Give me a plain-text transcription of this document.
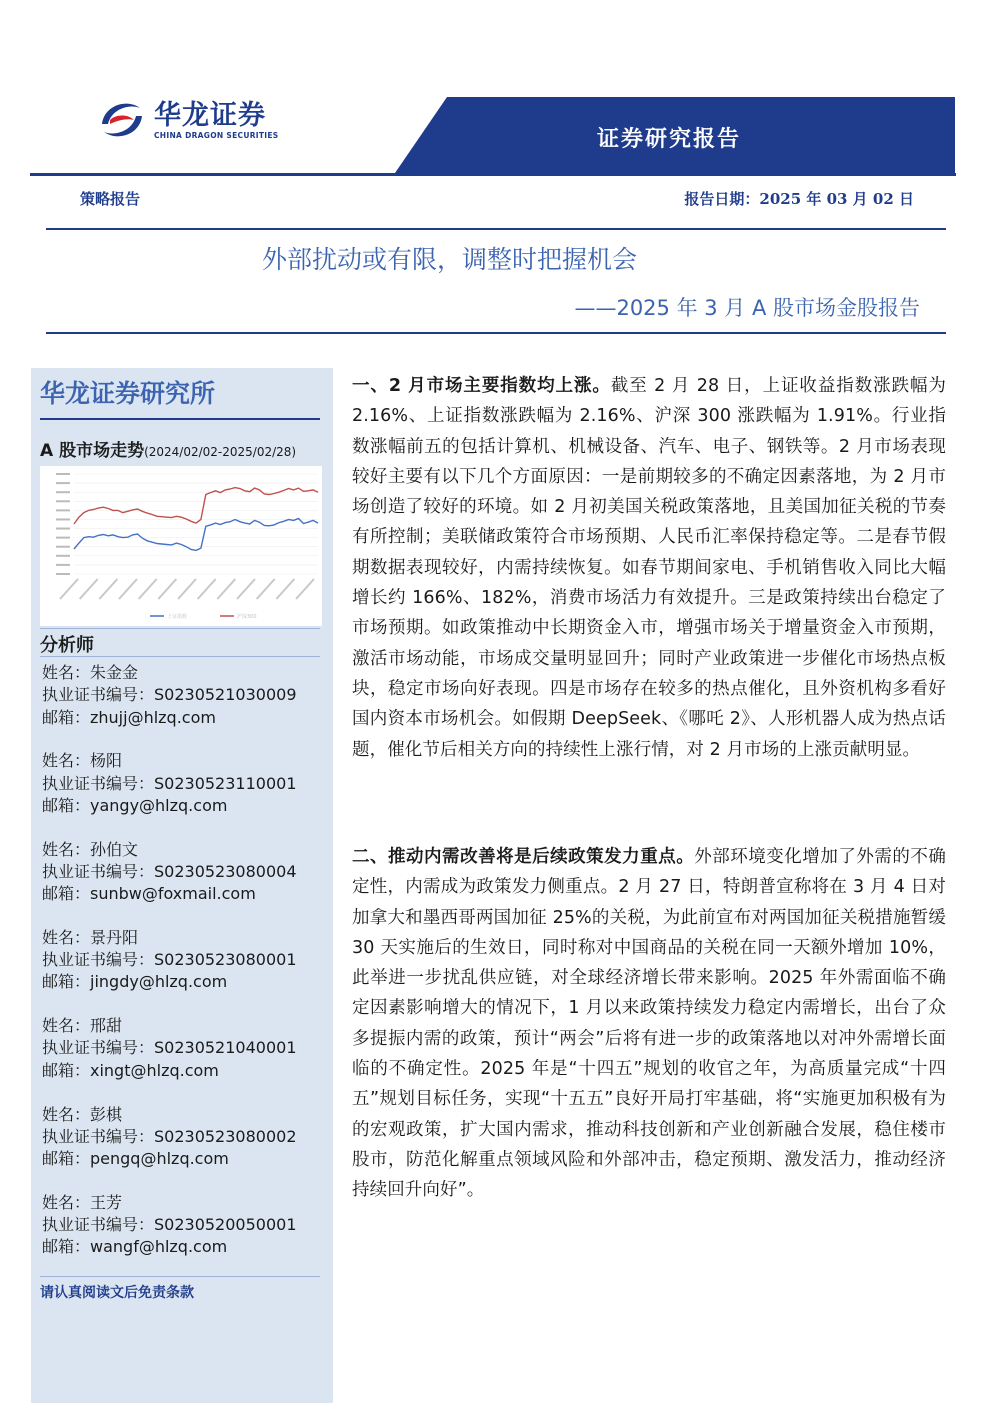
华龙证券
CHINA DRAGON SECURITIES	证券研究报告
策略报告	报告日期：2025 年 03 月 02 日
外部扰动或有限，调整时把握机会
——2025 年 3 月 A 股市场金股报告
华龙证券研究所
A 股市场走势(2024/02/02-2025/02/28)
上证指数	沪深300
分析师
姓名：朱金金
执业证书编号：S0230521030009
邮箱：zhujj@hlzq.com
姓名：杨阳
执业证书编号：S0230523110001
邮箱：yangy@hlzq.com
姓名：孙伯文
执业证书编号：S0230523080004
邮箱：sunbw@foxmail.com
姓名：景丹阳
执业证书编号：S0230523080001
邮箱：jingdy@hlzq.com
姓名：邢甜
执业证书编号：S0230521040001
邮箱：xingt@hlzq.com
姓名：彭棋
执业证书编号：S0230523080002
邮箱：pengq@hlzq.com
姓名：王芳
执业证书编号：S0230520050001
邮箱：wangf@hlzq.com
请认真阅读文后免责条款
一、2 月市场主要指数均上涨。截至 2 月 28 日，上证收益指数涨跌幅为 2.16%、上证指数涨跌幅为 2.16%、沪深 300 涨跌幅为 1.91%。行业指数涨幅前五的包括计算机、机械设备、汽车、电子、钢铁等。2 月市场表现较好主要有以下几个方面原因：一是前期较多的不确定因素落地，为 2 月市场创造了较好的环境。如 2 月初美国关税政策落地，且美国加征关税的节奏有所控制；美联储政策符合市场预期、人民币汇率保持稳定等。二是春节假期数据表现较好，内需持续恢复。如春节期间家电、手机销售收入同比大幅增长约 166%、182%，消费市场活力有效提升。三是政策持续出台稳定了市场预期。如政策推动中长期资金入市，增强市场关于增量资金入市预期，激活市场动能，市场成交量明显回升；同时产业政策进一步催化市场热点板块，稳定市场向好表现。四是市场存在较多的热点催化，且外资机构多看好国内资本市场机会。如假期 DeepSeek、《哪吒 2》、人形机器人成为热点话题，催化节后相关方向的持续性上涨行情，对 2 月市场的上涨贡献明显。
二、推动内需改善将是后续政策发力重点。外部环境变化增加了外需的不确定性，内需成为政策发力侧重点。2 月 27 日，特朗普宣称将在 3 月 4 日对加拿大和墨西哥两国加征 25%的关税，为此前宣布对两国加征关税措施暂缓 30 天实施后的生效日，同时称对中国商品的关税在同一天额外增加 10%，此举进一步扰乱供应链，对全球经济增长带来影响。2025 年外需面临不确定因素影响增大的情况下，1 月以来政策持续发力稳定内需增长，出台了众多提振内需的政策，预计“两会”后将有进一步的政策落地以对冲外需增长面临的不确定性。2025 年是“十四五”规划的收官之年，为高质量完成“十四五”规划目标任务，实现“十五五”良好开局打牢基础，将“实施更加积极有为的宏观政策，扩大国内需求，推动科技创新和产业创新融合发展，稳住楼市股市，防范化解重点领域风险和外部冲击，稳定预期、激发活力，推动经济持续回升向好”。
